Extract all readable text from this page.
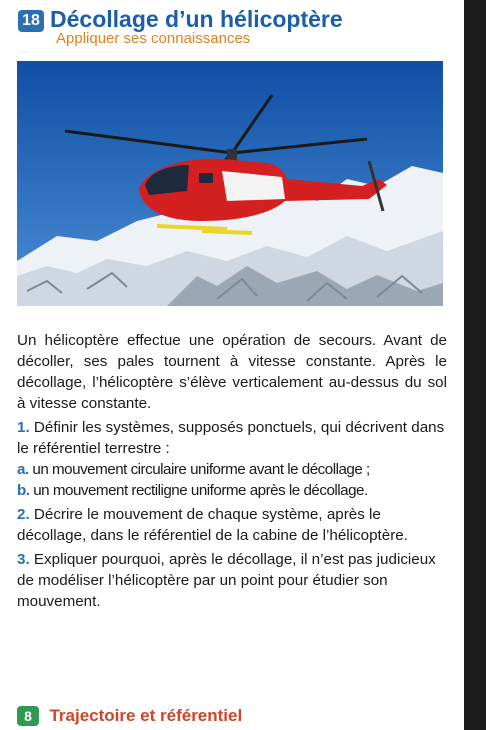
18 Décollage d’un hélicoptère
Appliquer ses connaissances

Un hélicoptère effectue une opération de secours. Avant de décoller, ses pales tournent à vitesse constante. Après le décollage, l’hélicoptère s’élève verticalement au-dessus du sol à vitesse constante.

1. Définir les systèmes, supposés ponctuels, qui décrivent dans le référentiel terrestre :

a. un mouvement circulaire uniforme avant le décollage ;

b. un mouvement rectiligne uniforme après le décollage.

2. Décrire le mouvement de chaque système, après le décollage, dans le référentiel de la cabine de l’hélicoptère.

3. Expliquer pourquoi, après le décollage, il n’est pas judicieux de modéliser l’hélicoptère par un point pour étudier son mouvement.

8 Trajectoire et référentiel
